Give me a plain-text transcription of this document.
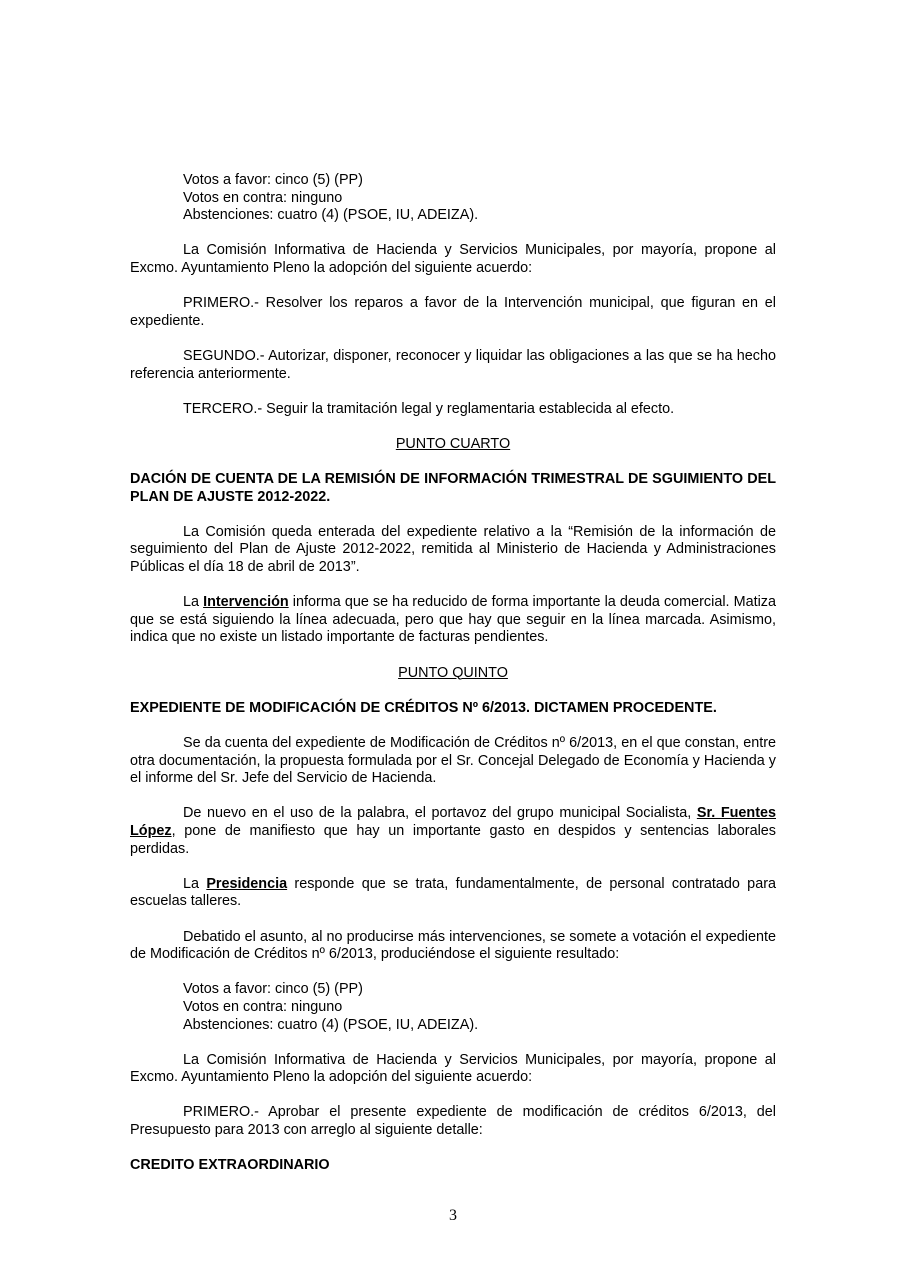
Votos a favor: cinco (5) (PP)

Votos en contra: ninguno

Abstenciones: cuatro (4) (PSOE, IU, ADEIZA).

La Comisión Informativa de Hacienda y Servicios Municipales, por mayoría, propone al Excmo. Ayuntamiento Pleno la adopción del siguiente acuerdo:

PRIMERO.- Resolver los reparos a favor de la Intervención municipal, que figuran en el expediente.

SEGUNDO.- Autorizar, disponer, reconocer y liquidar las obligaciones a las que se ha hecho referencia anteriormente.

TERCERO.- Seguir la tramitación legal y reglamentaria establecida al efecto.

PUNTO CUARTO

DACIÓN DE CUENTA DE LA REMISIÓN DE INFORMACIÓN TRIMESTRAL DE SGUIMIENTO DEL PLAN DE AJUSTE 2012-2022.

La Comisión queda enterada del expediente relativo a la “Remisión de la información de seguimiento del Plan de Ajuste 2012-2022, remitida al Ministerio de Hacienda y Administraciones Públicas el día 18 de abril de 2013”.

La Intervención informa que se ha reducido de forma importante la deuda comercial. Matiza que se está siguiendo la línea adecuada, pero que hay que seguir en la línea marcada. Asimismo, indica que no existe un listado importante de facturas pendientes.

PUNTO QUINTO

EXPEDIENTE DE MODIFICACIÓN DE CRÉDITOS Nº 6/2013. DICTAMEN PROCEDENTE.

Se da cuenta del expediente de Modificación de Créditos nº 6/2013, en el que constan, entre otra documentación, la propuesta formulada por el Sr. Concejal Delegado de Economía y Hacienda y el informe del Sr. Jefe del Servicio de Hacienda.

De nuevo en el uso de la palabra, el portavoz del grupo municipal Socialista, Sr. Fuentes López, pone de manifiesto que hay un importante gasto en despidos y sentencias laborales perdidas.

La Presidencia responde que se trata, fundamentalmente, de personal contratado para escuelas talleres.

Debatido el asunto, al no producirse más intervenciones, se somete a votación el expediente de Modificación de Créditos nº 6/2013, produciéndose el siguiente resultado:

Votos a favor: cinco (5) (PP)

Votos en contra: ninguno

Abstenciones: cuatro (4) (PSOE, IU, ADEIZA).

La Comisión Informativa de Hacienda y Servicios Municipales, por mayoría, propone al Excmo. Ayuntamiento Pleno la adopción del siguiente acuerdo:

PRIMERO.- Aprobar el presente expediente de modificación de créditos 6/2013, del Presupuesto para 2013 con arreglo al siguiente detalle:

CREDITO EXTRAORDINARIO

3
